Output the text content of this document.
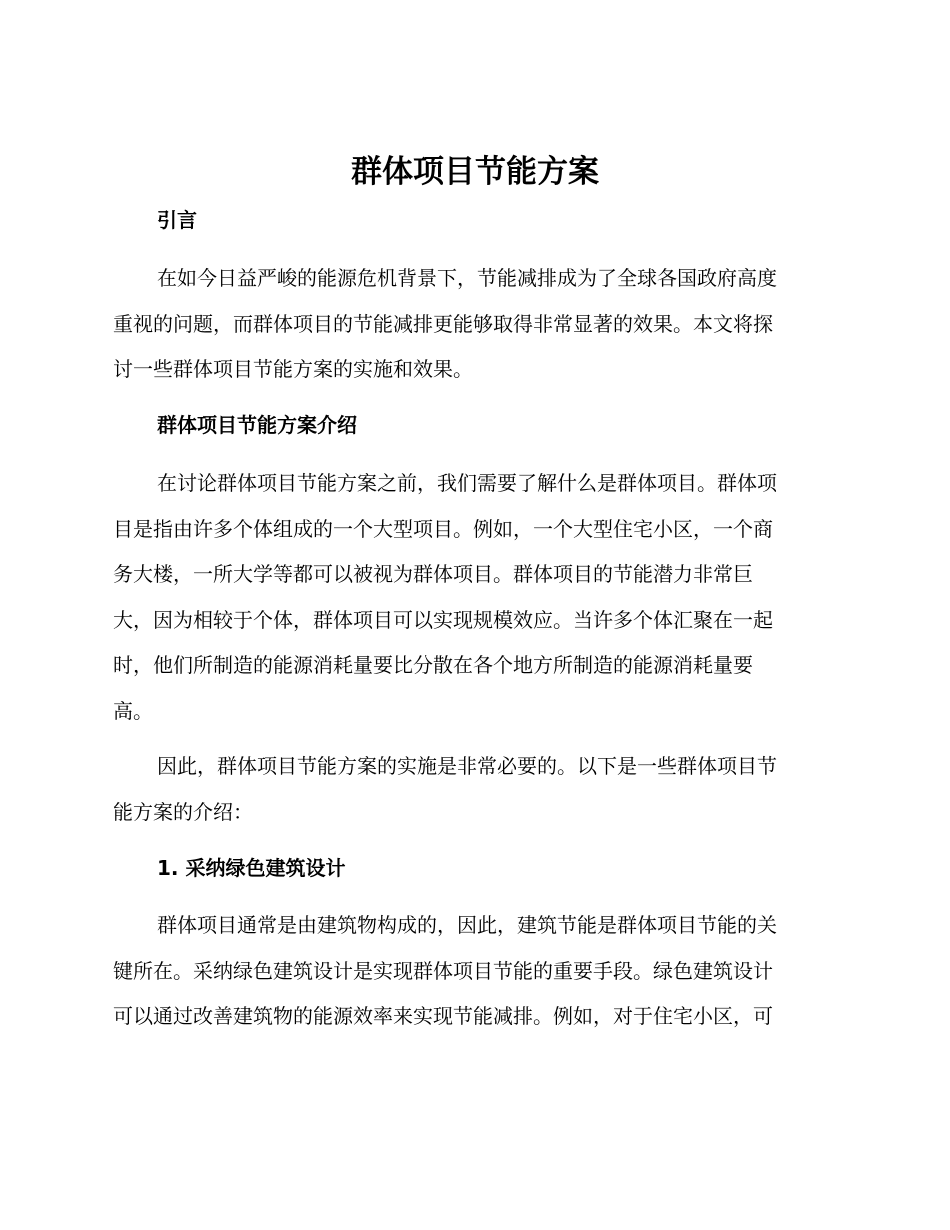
群体项目节能方案
引言
在如今日益严峻的能源危机背景下，节能减排成为了全球各国政府高度
重视的问题，而群体项目的节能减排更能够取得非常显著的效果。本文将探
讨一些群体项目节能方案的实施和效果。
群体项目节能方案介绍
在讨论群体项目节能方案之前，我们需要了解什么是群体项目。群体项
目是指由许多个体组成的一个大型项目。例如，一个大型住宅小区，一个商
务大楼，一所大学等都可以被视为群体项目。群体项目的节能潜力非常巨
大，因为相较于个体，群体项目可以实现规模效应。当许多个体汇聚在一起
时，他们所制造的能源消耗量要比分散在各个地方所制造的能源消耗量要
高。
因此，群体项目节能方案的实施是非常必要的。以下是一些群体项目节
能方案的介绍：
1. 采纳绿色建筑设计
群体项目通常是由建筑物构成的，因此，建筑节能是群体项目节能的关
键所在。采纳绿色建筑设计是实现群体项目节能的重要手段。绿色建筑设计
可以通过改善建筑物的能源效率来实现节能减排。例如，对于住宅小区，可
